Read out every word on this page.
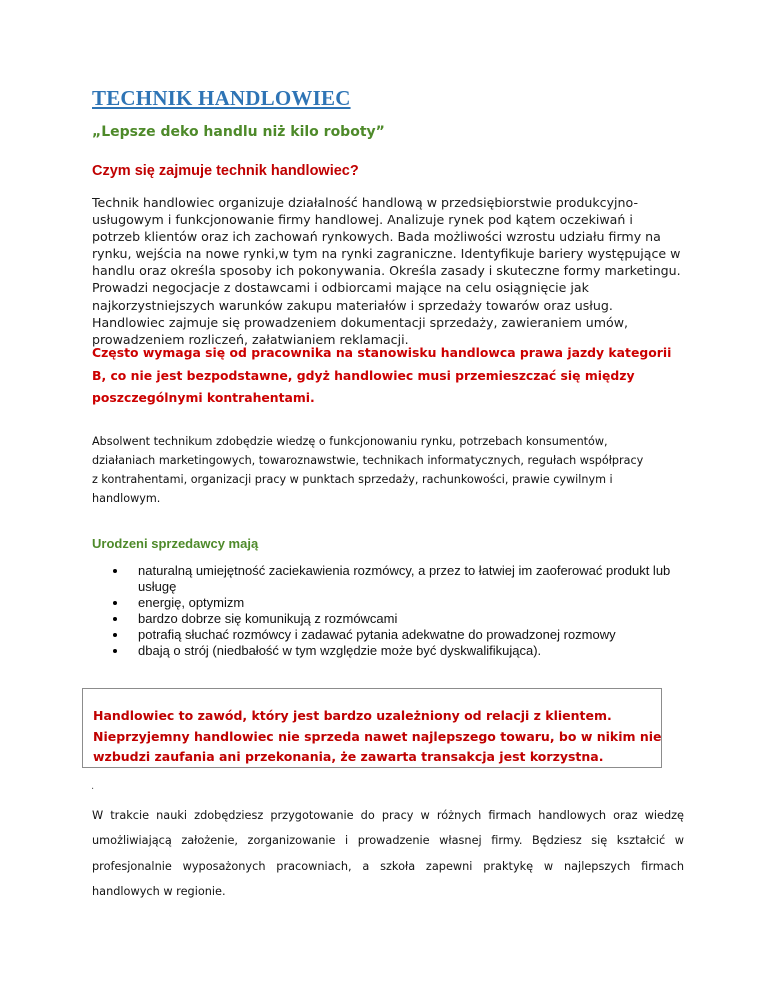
TECHNIK HANDLOWIEC

„Lepsze deko handlu niż kilo roboty”

Czym się zajmuje technik handlowiec?

Technik handlowiec organizuje działalność handlową w przedsiębiorstwie produkcyjno-usługowym i funkcjonowanie firmy handlowej. Analizuje rynek pod kątem oczekiwań i potrzeb klientów oraz ich zachowań rynkowych. Bada możliwości wzrostu udziału firmy na rynku, wejścia na nowe rynki,w tym na rynki zagraniczne. Identyfikuje bariery występujące w handlu oraz określa sposoby ich pokonywania. Określa zasady i skuteczne formy marketingu. Prowadzi negocjacje z dostawcami i odbiorcami mające na celu osiągnięcie jak najkorzystniejszych warunków zakupu materiałów i sprzedaży towarów oraz usług. Handlowiec zajmuje się prowadzeniem dokumentacji sprzedaży, zawieraniem umów, prowadzeniem rozliczeń, załatwianiem reklamacji.

Często wymaga się od pracownika na stanowisku handlowca prawa jazdy kategorii B, co nie jest bezpodstawne, gdyż handlowiec musi przemieszczać się między poszczególnymi kontrahentami.

Absolwent technikum zdobędzie wiedzę o funkcjonowaniu rynku, potrzebach konsumentów, działaniach marketingowych, towaroznawstwie, technikach informatycznych, regułach współpracy z kontrahentami, organizacji pracy w punktach sprzedaży, rachunkowości, prawie cywilnym i handlowym.

Urodzeni sprzedawcy mają

naturalną umiejętność zaciekawienia rozmówcy, a przez to łatwiej im zaoferować produkt lub usługę
energię, optymizm
bardzo dobrze się komunikują z rozmówcami
potrafią słuchać rozmówcy i zadawać pytania adekwatne do prowadzonej rozmowy
dbają o strój (niedbałość w tym względzie może być dyskwalifikująca).

Handlowiec to zawód, który jest bardzo uzależniony od relacji z klientem. Nieprzyjemny handlowiec nie sprzeda nawet najlepszego towaru, bo w nikim nie wzbudzi zaufania ani przekonania, że zawarta transakcja jest korzystna.

.

W trakcie nauki zdobędziesz przygotowanie do pracy w różnych firmach handlowych oraz wiedzę umożliwiającą założenie, zorganizowanie i prowadzenie własnej firmy. Będziesz się kształcić w profesjonalnie wyposażonych pracowniach, a szkoła zapewni praktykę w najlepszych firmach handlowych w regionie.
